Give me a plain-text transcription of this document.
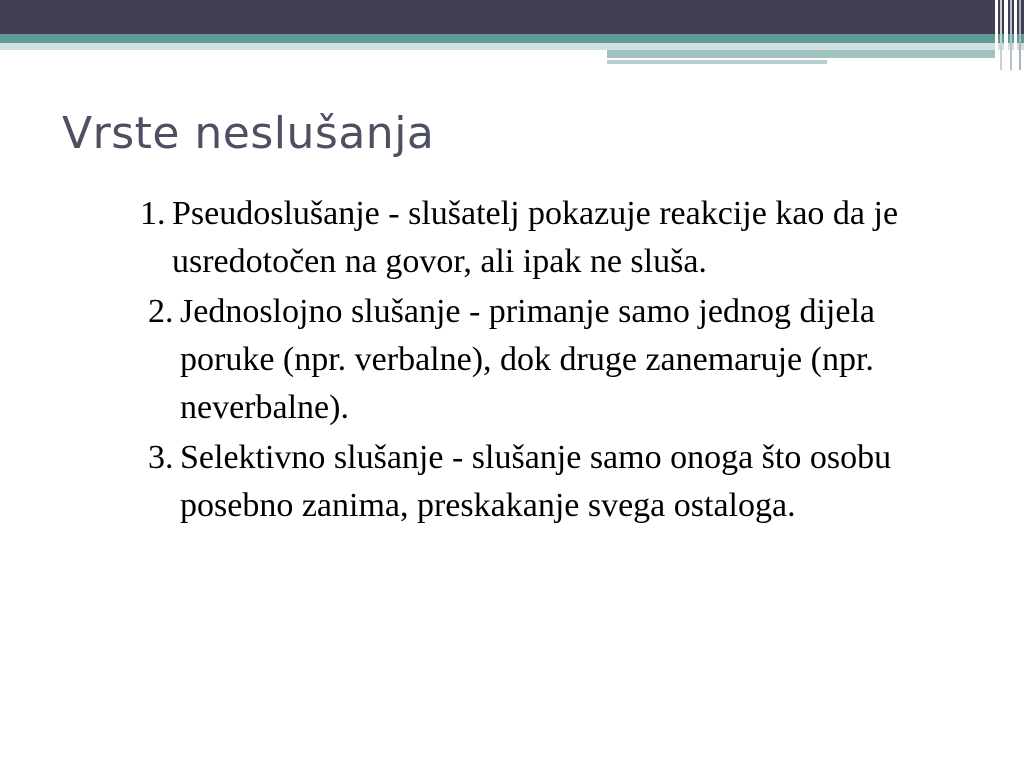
Vrste neslušanja
1. Pseudoslušanje - slušatelj pokazuje reakcije kao da je usredotočen na govor, ali ipak ne sluša.
2. Jednoslojno slušanje - primanje samo jednog dijela poruke (npr. verbalne), dok druge zanemaruje (npr. neverbalne).
3. Selektivno slušanje - slušanje samo onoga što osobu posebno zanima, preskakanje svega ostaloga.
